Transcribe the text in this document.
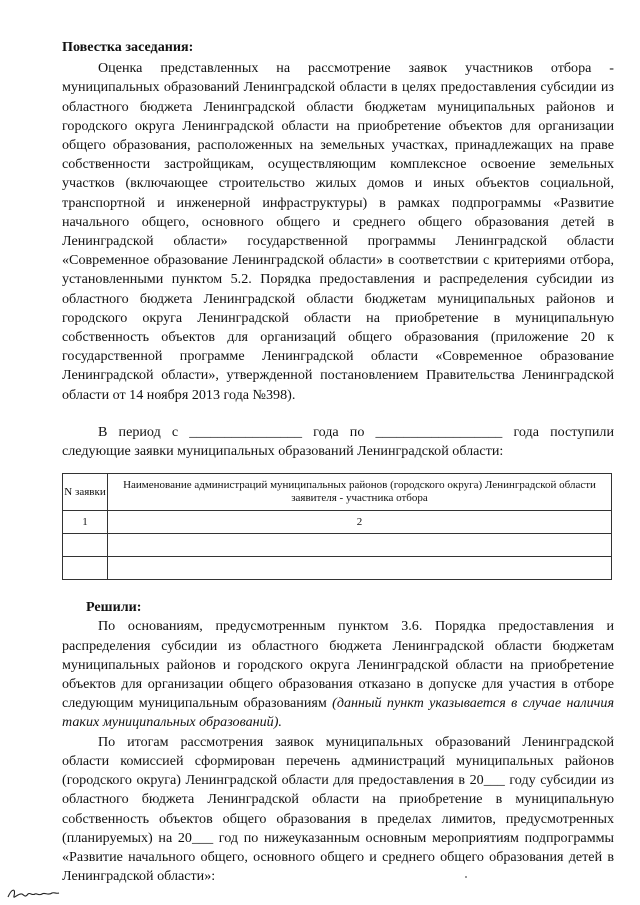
Повестка заседания:

Оценка представленных на рассмотрение заявок участников отбора - муниципальных образований Ленинградской области в целях предоставления субсидии из областного бюджета Ленинградской области бюджетам муниципальных районов и городского округа Ленинградской области на приобретение объектов для организации общего образования, расположенных на земельных участках, принадлежащих на праве собственности застройщикам, осуществляющим комплексное освоение земельных участков (включающее строительство жилых домов и иных объектов социальной, транспортной и инженерной инфраструктуры) в рамках подпрограммы «Развитие начального общего, основного общего и среднего общего образования детей в Ленинградской области» государственной программы Ленинградской области «Современное образование Ленинградской области» в соответствии с критериями отбора, установленными пунктом 5.2. Порядка предоставления и распределения субсидии из областного бюджета Ленинградской области бюджетам муниципальных районов и городского округа Ленинградской области на приобретение в муниципальную собственность объектов для организаций общего образования (приложение 20 к государственной программе Ленинградской области «Современное образование Ленинградской области», утвержденной постановлением Правительства Ленинградской области от 14 ноября 2013 года №398).

В период с ________________ года по __________________ года поступили следующие заявки муниципальных образований Ленинградской области:

N заявки	Наименование администраций муниципальных районов (городского округа) Ленинградской области заявителя - участника отбора
1	2

Решили:

По основаниям, предусмотренным пунктом 3.6. Порядка предоставления и распределения субсидии из областного бюджета Ленинградской области бюджетам муниципальных районов и городского округа Ленинградской области на приобретение объектов для организации общего образования отказано в допуске для участия в отборе следующим муниципальным образованиям (данный пункт указывается в случае наличия таких муниципальных образований).

По итогам рассмотрения заявок муниципальных образований Ленинградской области комиссией сформирован перечень администраций муниципальных районов (городского округа) Ленинградской области для предоставления в 20___ году субсидии из областного бюджета Ленинградской области на приобретение в муниципальную собственность объектов общего образования в пределах лимитов, предусмотренных (планируемых) на 20___ год по нижеуказанным основным мероприятиям подпрограммы «Развитие начального общего, основного общего и среднего общего образования детей в Ленинградской области»:
